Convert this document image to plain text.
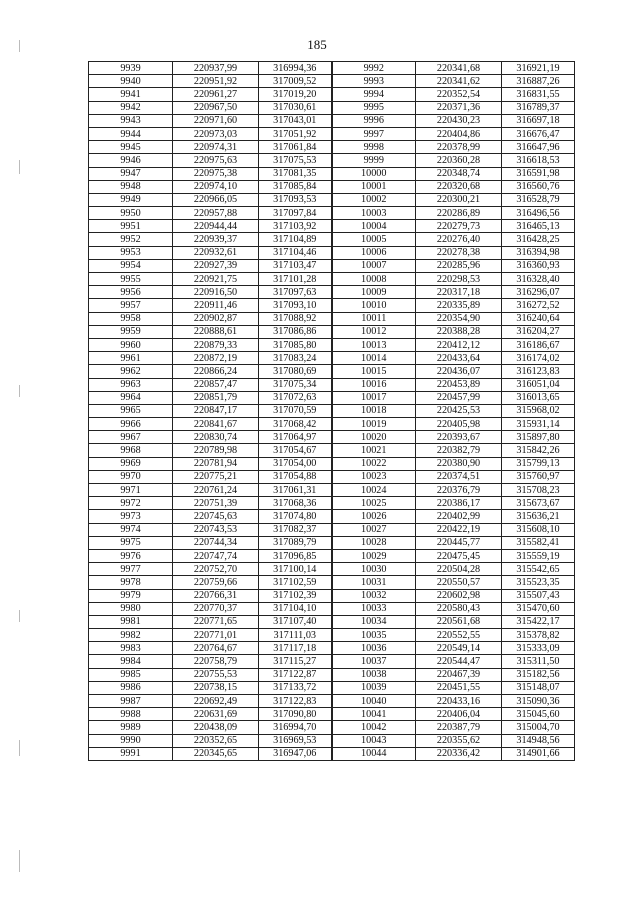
185
9939	220937,99	316994,36	9992	220341,68	316921,19
9940	220951,92	317009,52	9993	220341,62	316887,26
9941	220961,27	317019,20	9994	220352,54	316831,55
9942	220967,50	317030,61	9995	220371,36	316789,37
9943	220971,60	317043,01	9996	220430,23	316697,18
9944	220973,03	317051,92	9997	220404,86	316676,47
9945	220974,31	317061,84	9998	220378,99	316647,96
9946	220975,63	317075,53	9999	220360,28	316618,53
9947	220975,38	317081,35	10000	220348,74	316591,98
9948	220974,10	317085,84	10001	220320,68	316560,76
9949	220966,05	317093,53	10002	220300,21	316528,79
9950	220957,88	317097,84	10003	220286,89	316496,56
9951	220944,44	317103,92	10004	220279,73	316465,13
9952	220939,37	317104,89	10005	220276,40	316428,25
9953	220932,61	317104,46	10006	220278,38	316394,98
9954	220927,39	317103,47	10007	220285,96	316360,93
9955	220921,75	317101,28	10008	220298,53	316328,40
9956	220916,50	317097,63	10009	220317,18	316296,07
9957	220911,46	317093,10	10010	220335,89	316272,52
9958	220902,87	317088,92	10011	220354,90	316240,64
9959	220888,61	317086,86	10012	220388,28	316204,27
9960	220879,33	317085,80	10013	220412,12	316186,67
9961	220872,19	317083,24	10014	220433,64	316174,02
9962	220866,24	317080,69	10015	220436,07	316123,83
9963	220857,47	317075,34	10016	220453,89	316051,04
9964	220851,79	317072,63	10017	220457,99	316013,65
9965	220847,17	317070,59	10018	220425,53	315968,02
9966	220841,67	317068,42	10019	220405,98	315931,14
9967	220830,74	317064,97	10020	220393,67	315897,80
9968	220789,98	317054,67	10021	220382,79	315842,26
9969	220781,94	317054,00	10022	220380,90	315799,13
9970	220775,21	317054,88	10023	220374,51	315760,97
9971	220761,24	317061,31	10024	220376,79	315708,23
9972	220751,39	317068,36	10025	220386,17	315673,67
9973	220745,63	317074,80	10026	220402,99	315636,21
9974	220743,53	317082,37	10027	220422,19	315608,10
9975	220744,34	317089,79	10028	220445,77	315582,41
9976	220747,74	317096,85	10029	220475,45	315559,19
9977	220752,70	317100,14	10030	220504,28	315542,65
9978	220759,66	317102,59	10031	220550,57	315523,35
9979	220766,31	317102,39	10032	220602,98	315507,43
9980	220770,37	317104,10	10033	220580,43	315470,60
9981	220771,65	317107,40	10034	220561,68	315422,17
9982	220771,01	317111,03	10035	220552,55	315378,82
9983	220764,67	317117,18	10036	220549,14	315333,09
9984	220758,79	317115,27	10037	220544,47	315311,50
9985	220755,53	317122,87	10038	220467,39	315182,56
9986	220738,15	317133,72	10039	220451,55	315148,07
9987	220692,49	317122,83	10040	220433,16	315090,36
9988	220631,69	317090,80	10041	220406,04	315045,60
9989	220438,09	316994,70	10042	220387,79	315004,70
9990	220352,65	316969,53	10043	220355,62	314948,56
9991	220345,65	316947,06	10044	220336,42	314901,66
